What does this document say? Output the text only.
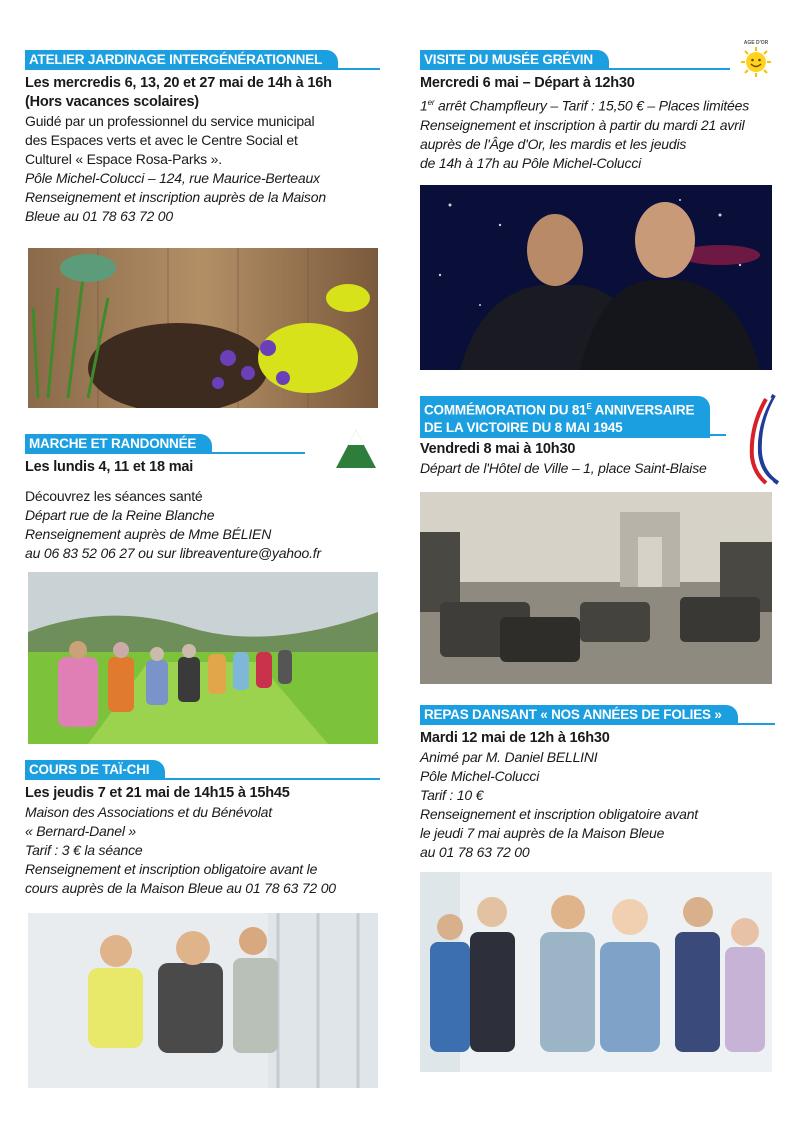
ATELIER JARDINAGE INTERGÉNÉRATIONNEL

Les mercredis 6, 13, 20 et 27 mai de 14h à 16h

(Hors vacances scolaires)

Guidé par un professionnel du service municipal

des Espaces verts et avec le Centre Social et

Culturel « Espace Rosa-Parks ».

Pôle Michel-Colucci – 124, rue Maurice-Berteaux

Renseignement et inscription auprès de la Maison

Bleue au 01 78 63 72 00

MARCHE ET RANDONNÉE

Les lundis 4, 11 et 18 mai

Découvrez les séances santé

Départ rue de la Reine Blanche

Renseignement auprès de Mme BÉLIEN

au 06 83 52 06 27 ou sur libreaventure@yahoo.fr

COURS DE TAÏ-CHI

Les jeudis 7 et 21 mai de 14h15 à 15h45

Maison des Associations et du Bénévolat

« Bernard-Danel »

Tarif : 3 € la séance

Renseignement et inscription obligatoire avant le

cours auprès de la Maison Bleue au 01 78 63 72 00

VISITE DU MUSÉE GRÉVIN

Mercredi 6 mai – Départ à 12h30

1er arrêt Champfleury – Tarif : 15,50 € – Places limitées

Renseignement et inscription à partir du mardi 21 avril

auprès de l'Âge d'Or, les mardis et les jeudis

de 14h à 17h au Pôle Michel-Colucci

AGE D'OR
COMMÉMORATION DU $81^E$ ANNIVERSAIRE
DE LA VICTOIRE DU 8 MAI 1945

Vendredi 8 mai à 10h30

Départ de l'Hôtel de Ville – 1, place Saint-Blaise

REPAS DANSANT « NOS ANNÉES DE FOLIES »

Mardi 12 mai de 12h à 16h30

Animé par M. Daniel BELLINI

Pôle Michel-Colucci

Tarif : 10 €

Renseignement et inscription obligatoire avant

le jeudi 7 mai auprès de la Maison Bleue

au 01 78 63 72 00
